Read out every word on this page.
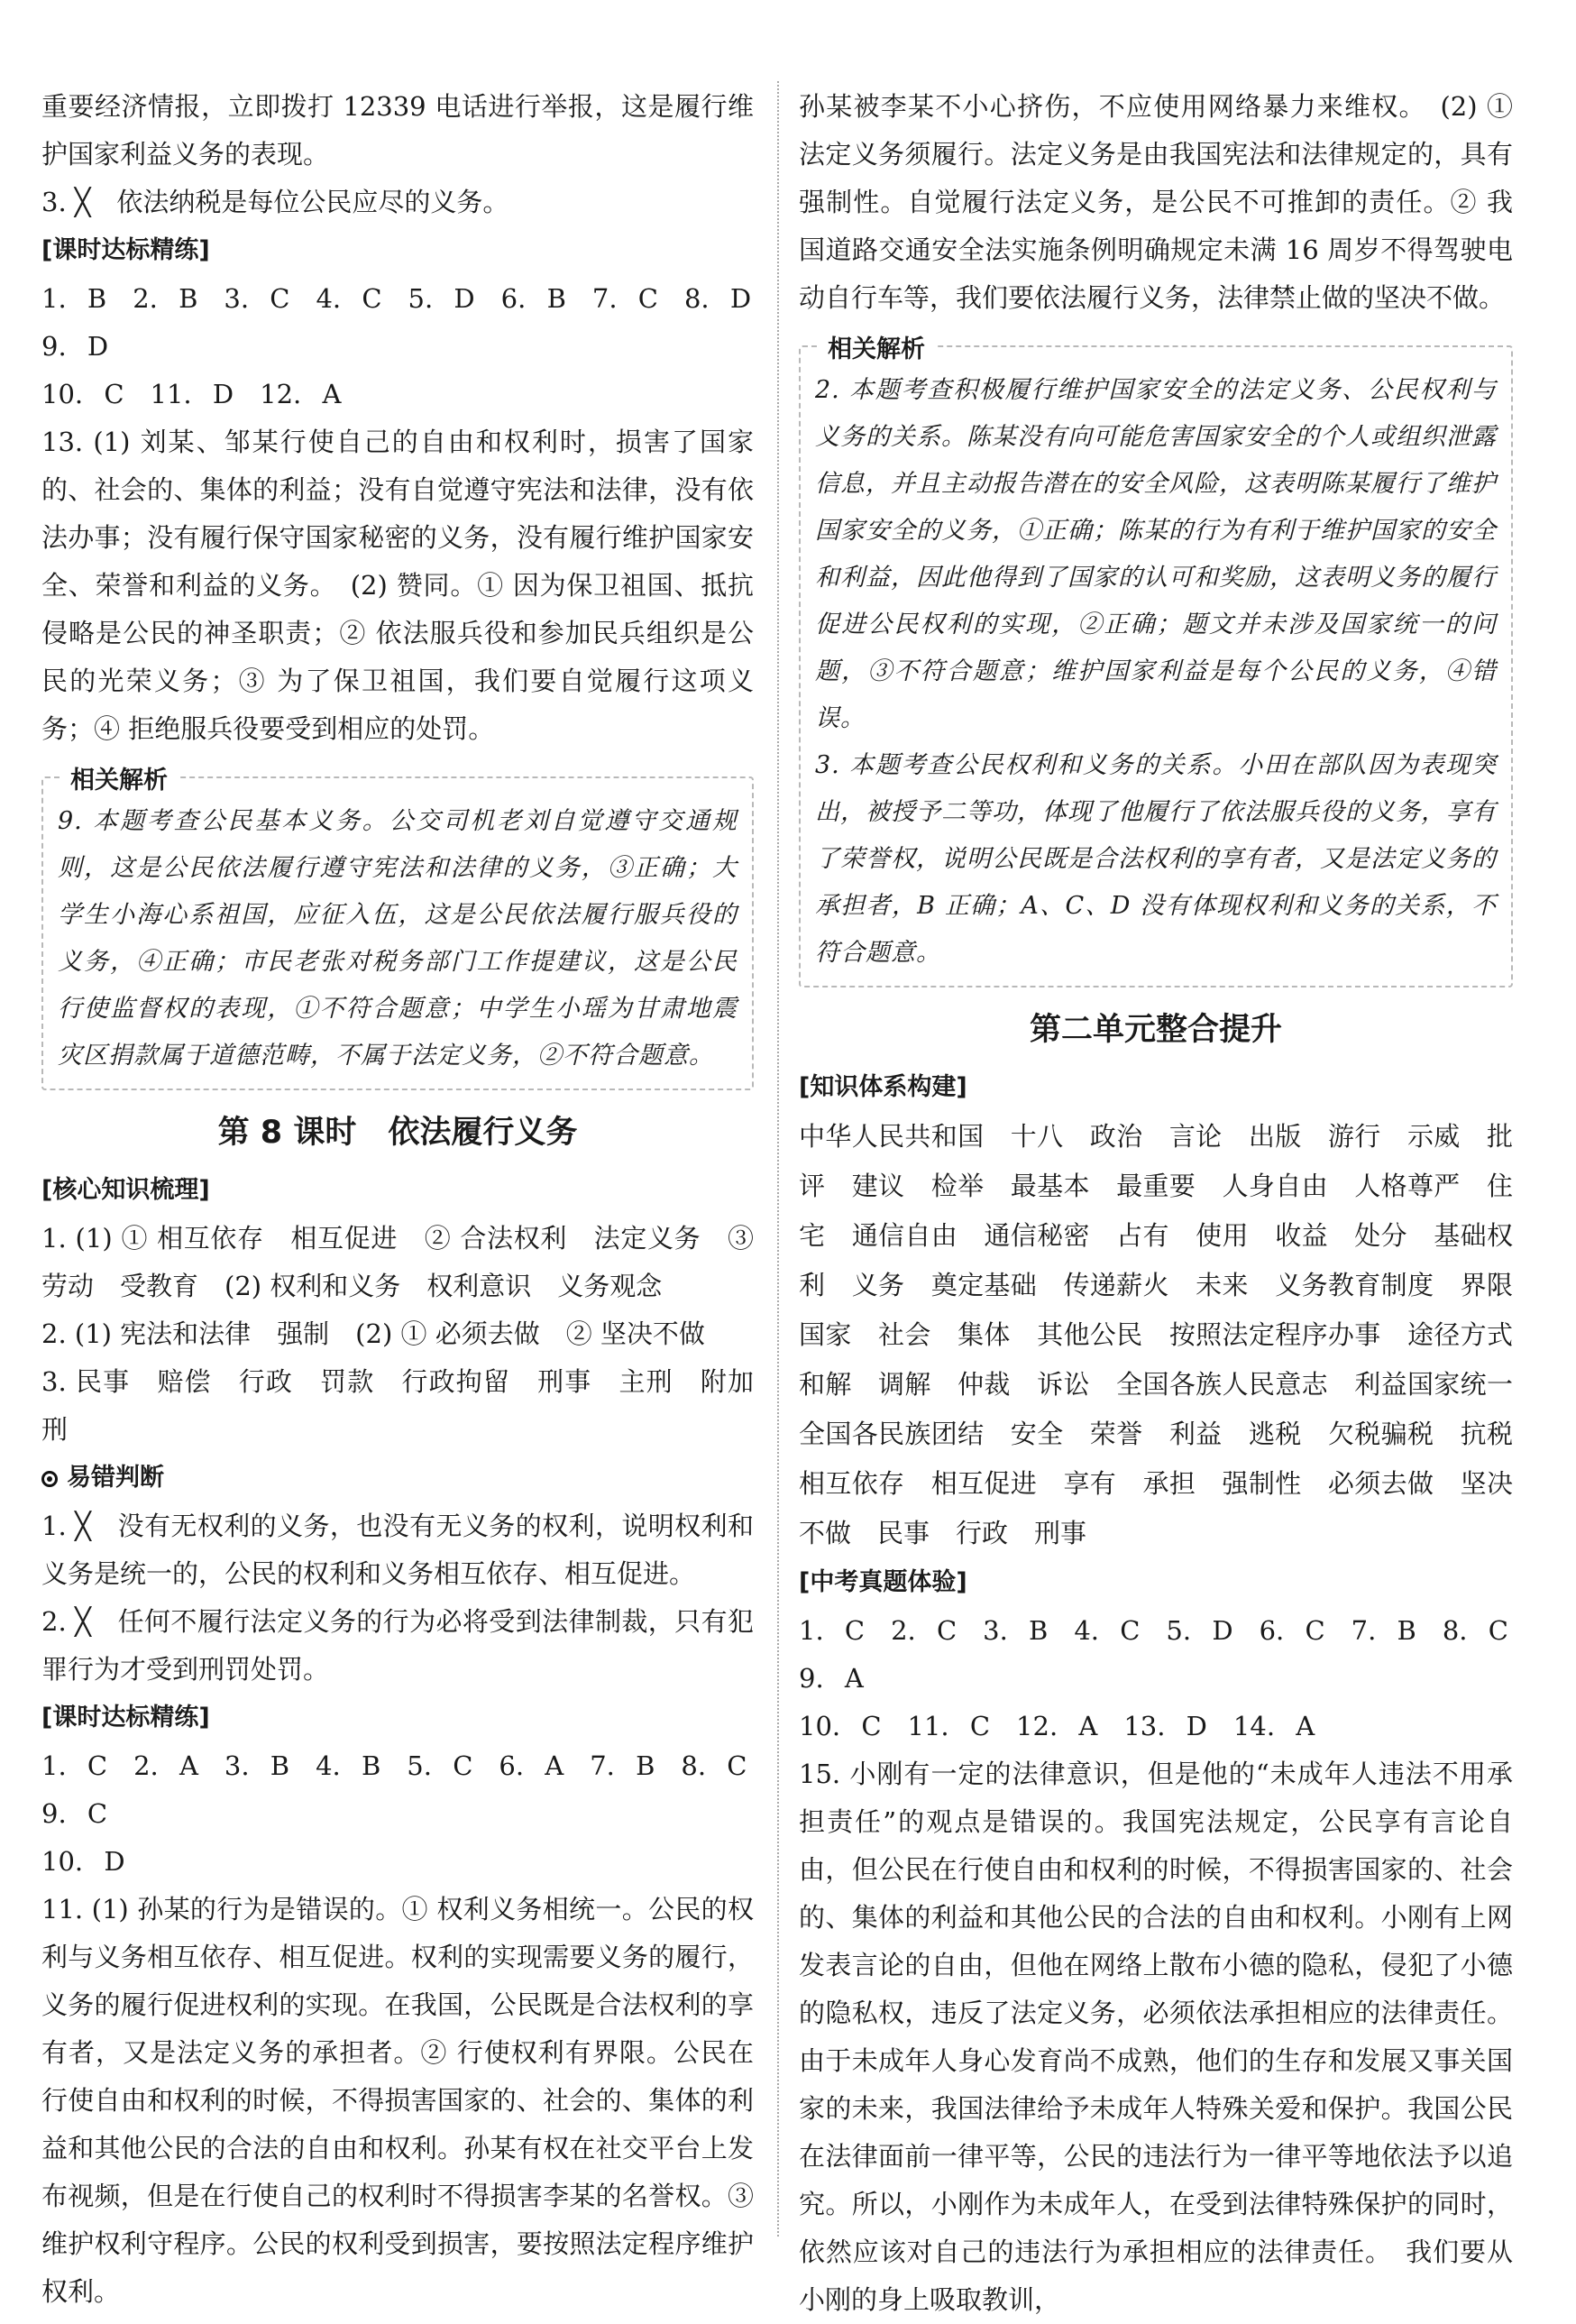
重要经济情报，立即拨打 12339 电话进行举报，这是履行维护国家利益义务的表现。

3. ╳　依法纳税是每位公民应尽的义务。

[课时达标精练]

1. B　2. B　3. C　4. C　5. D　6. B　7. C　8. D　9. D

10. C　11. D　12. A

13. (1) 刘某、邹某行使自己的自由和权利时，损害了国家的、社会的、集体的利益；没有自觉遵守宪法和法律，没有依法办事；没有履行保守国家秘密的义务，没有履行维护国家安全、荣誉和利益的义务。　(2) 赞同。① 因为保卫祖国、抵抗侵略是公民的神圣职责；② 依法服兵役和参加民兵组织是公民的光荣义务；③ 为了保卫祖国，我们要自觉履行这项义务；④ 拒绝服兵役要受到相应的处罚。

相关解析

9. 本题考查公民基本义务。公交司机老刘自觉遵守交通规则，这是公民依法履行遵守宪法和法律的义务，③正确；大学生小海心系祖国，应征入伍，这是公民依法履行服兵役的义务，④正确；市民老张对税务部门工作提建议，这是公民行使监督权的表现，①不符合题意；中学生小瑶为甘肃地震灾区捐款属于道德范畴，不属于法定义务，②不符合题意。

第 8 课时　依法履行义务
[核心知识梳理]

1. (1) ① 相互依存　相互促进　② 合法权利　法定义务　③ 劳动　受教育　(2) 权利和义务　权利意识　义务观念

2. (1) 宪法和法律　强制　(2) ① 必须去做　② 坚决不做

3. 民事　赔偿　行政　罚款　行政拘留　刑事　主刑　附加刑

易错判断

1. ╳　没有无权利的义务，也没有无义务的权利，说明权利和义务是统一的，公民的权利和义务相互依存、相互促进。

2. ╳　任何不履行法定义务的行为必将受到法律制裁，只有犯罪行为才受到刑罚处罚。

[课时达标精练]

1. C　2. A　3. B　4. B　5. C　6. A　7. B　8. C　9. C

10. D

11. (1) 孙某的行为是错误的。① 权利义务相统一。公民的权利与义务相互依存、相互促进。权利的实现需要义务的履行，义务的履行促进权利的实现。在我国，公民既是合法权利的享有者，又是法定义务的承担者。② 行使权利有界限。公民在行使自由和权利的时候，不得损害国家的、社会的、集体的利益和其他公民的合法的自由和权利。孙某有权在社交平台上发布视频，但是在行使自己的权利时不得损害李某的名誉权。③ 维护权利守程序。公民的权利受到损害，要按照法定程序维护权利。

孙某被李某不小心挤伤，不应使用网络暴力来维权。　(2) ① 法定义务须履行。法定义务是由我国宪法和法律规定的，具有强制性。自觉履行法定义务，是公民不可推卸的责任。② 我国道路交通安全法实施条例明确规定未满 16 周岁不得驾驶电动自行车等，我们要依法履行义务，法律禁止做的坚决不做。

相关解析

2. 本题考查积极履行维护国家安全的法定义务、公民权利与义务的关系。陈某没有向可能危害国家安全的个人或组织泄露信息，并且主动报告潜在的安全风险，这表明陈某履行了维护国家安全的义务，①正确；陈某的行为有利于维护国家的安全和利益，因此他得到了国家的认可和奖励，这表明义务的履行促进公民权利的实现，②正确；题文并未涉及国家统一的问题，③不符合题意；维护国家利益是每个公民的义务，④错误。

3. 本题考查公民权利和义务的关系。小田在部队因为表现突出，被授予二等功，体现了他履行了依法服兵役的义务，享有了荣誉权，说明公民既是合法权利的享有者，又是法定义务的承担者，B 正确；A、C、D 没有体现权利和义务的关系，不符合题意。

第二单元整合提升
[知识体系构建]

中华人民共和国　十八　政治　言论　出版　游行　示威　批评　建议　检举　最基本　最重要　人身自由　人格尊严　住宅　通信自由　通信秘密　占有　使用　收益　处分　基础权利　义务　奠定基础　传递薪火　未来　义务教育制度　界限　国家　社会　集体　其他公民　按照法定程序办事　途径方式　和解　调解　仲裁　诉讼　全国各族人民意志　利益国家统一　全国各民族团结　安全　荣誉　利益　逃税　欠税骗税　抗税　相互依存　相互促进　享有　承担　强制性　必须去做　坚决不做　民事　行政　刑事

[中考真题体验]

1. C　2. C　3. B　4. C　5. D　6. C　7. B　8. C　9. A

10. C　11. C　12. A　13. D　14. A

15. 小刚有一定的法律意识，但是他的“未成年人违法不用承担责任”的观点是错误的。我国宪法规定，公民享有言论自由，但公民在行使自由和权利的时候，不得损害国家的、社会的、集体的利益和其他公民的合法的自由和权利。小刚有上网发表言论的自由，但他在网络上散布小德的隐私，侵犯了小德的隐私权，违反了法定义务，必须依法承担相应的法律责任。由于未成年人身心发育尚不成熟，他们的生存和发展又事关国家的未来，我国法律给予未成年人特殊关爱和保护。我国公民在法律面前一律平等，公民的违法行为一律平等地依法予以追究。所以，小刚作为未成年人，在受到法律特殊保护的同时，依然应该对自己的违法行为承担相应的法律责任。　我们要从小刚的身上吸取教训，
